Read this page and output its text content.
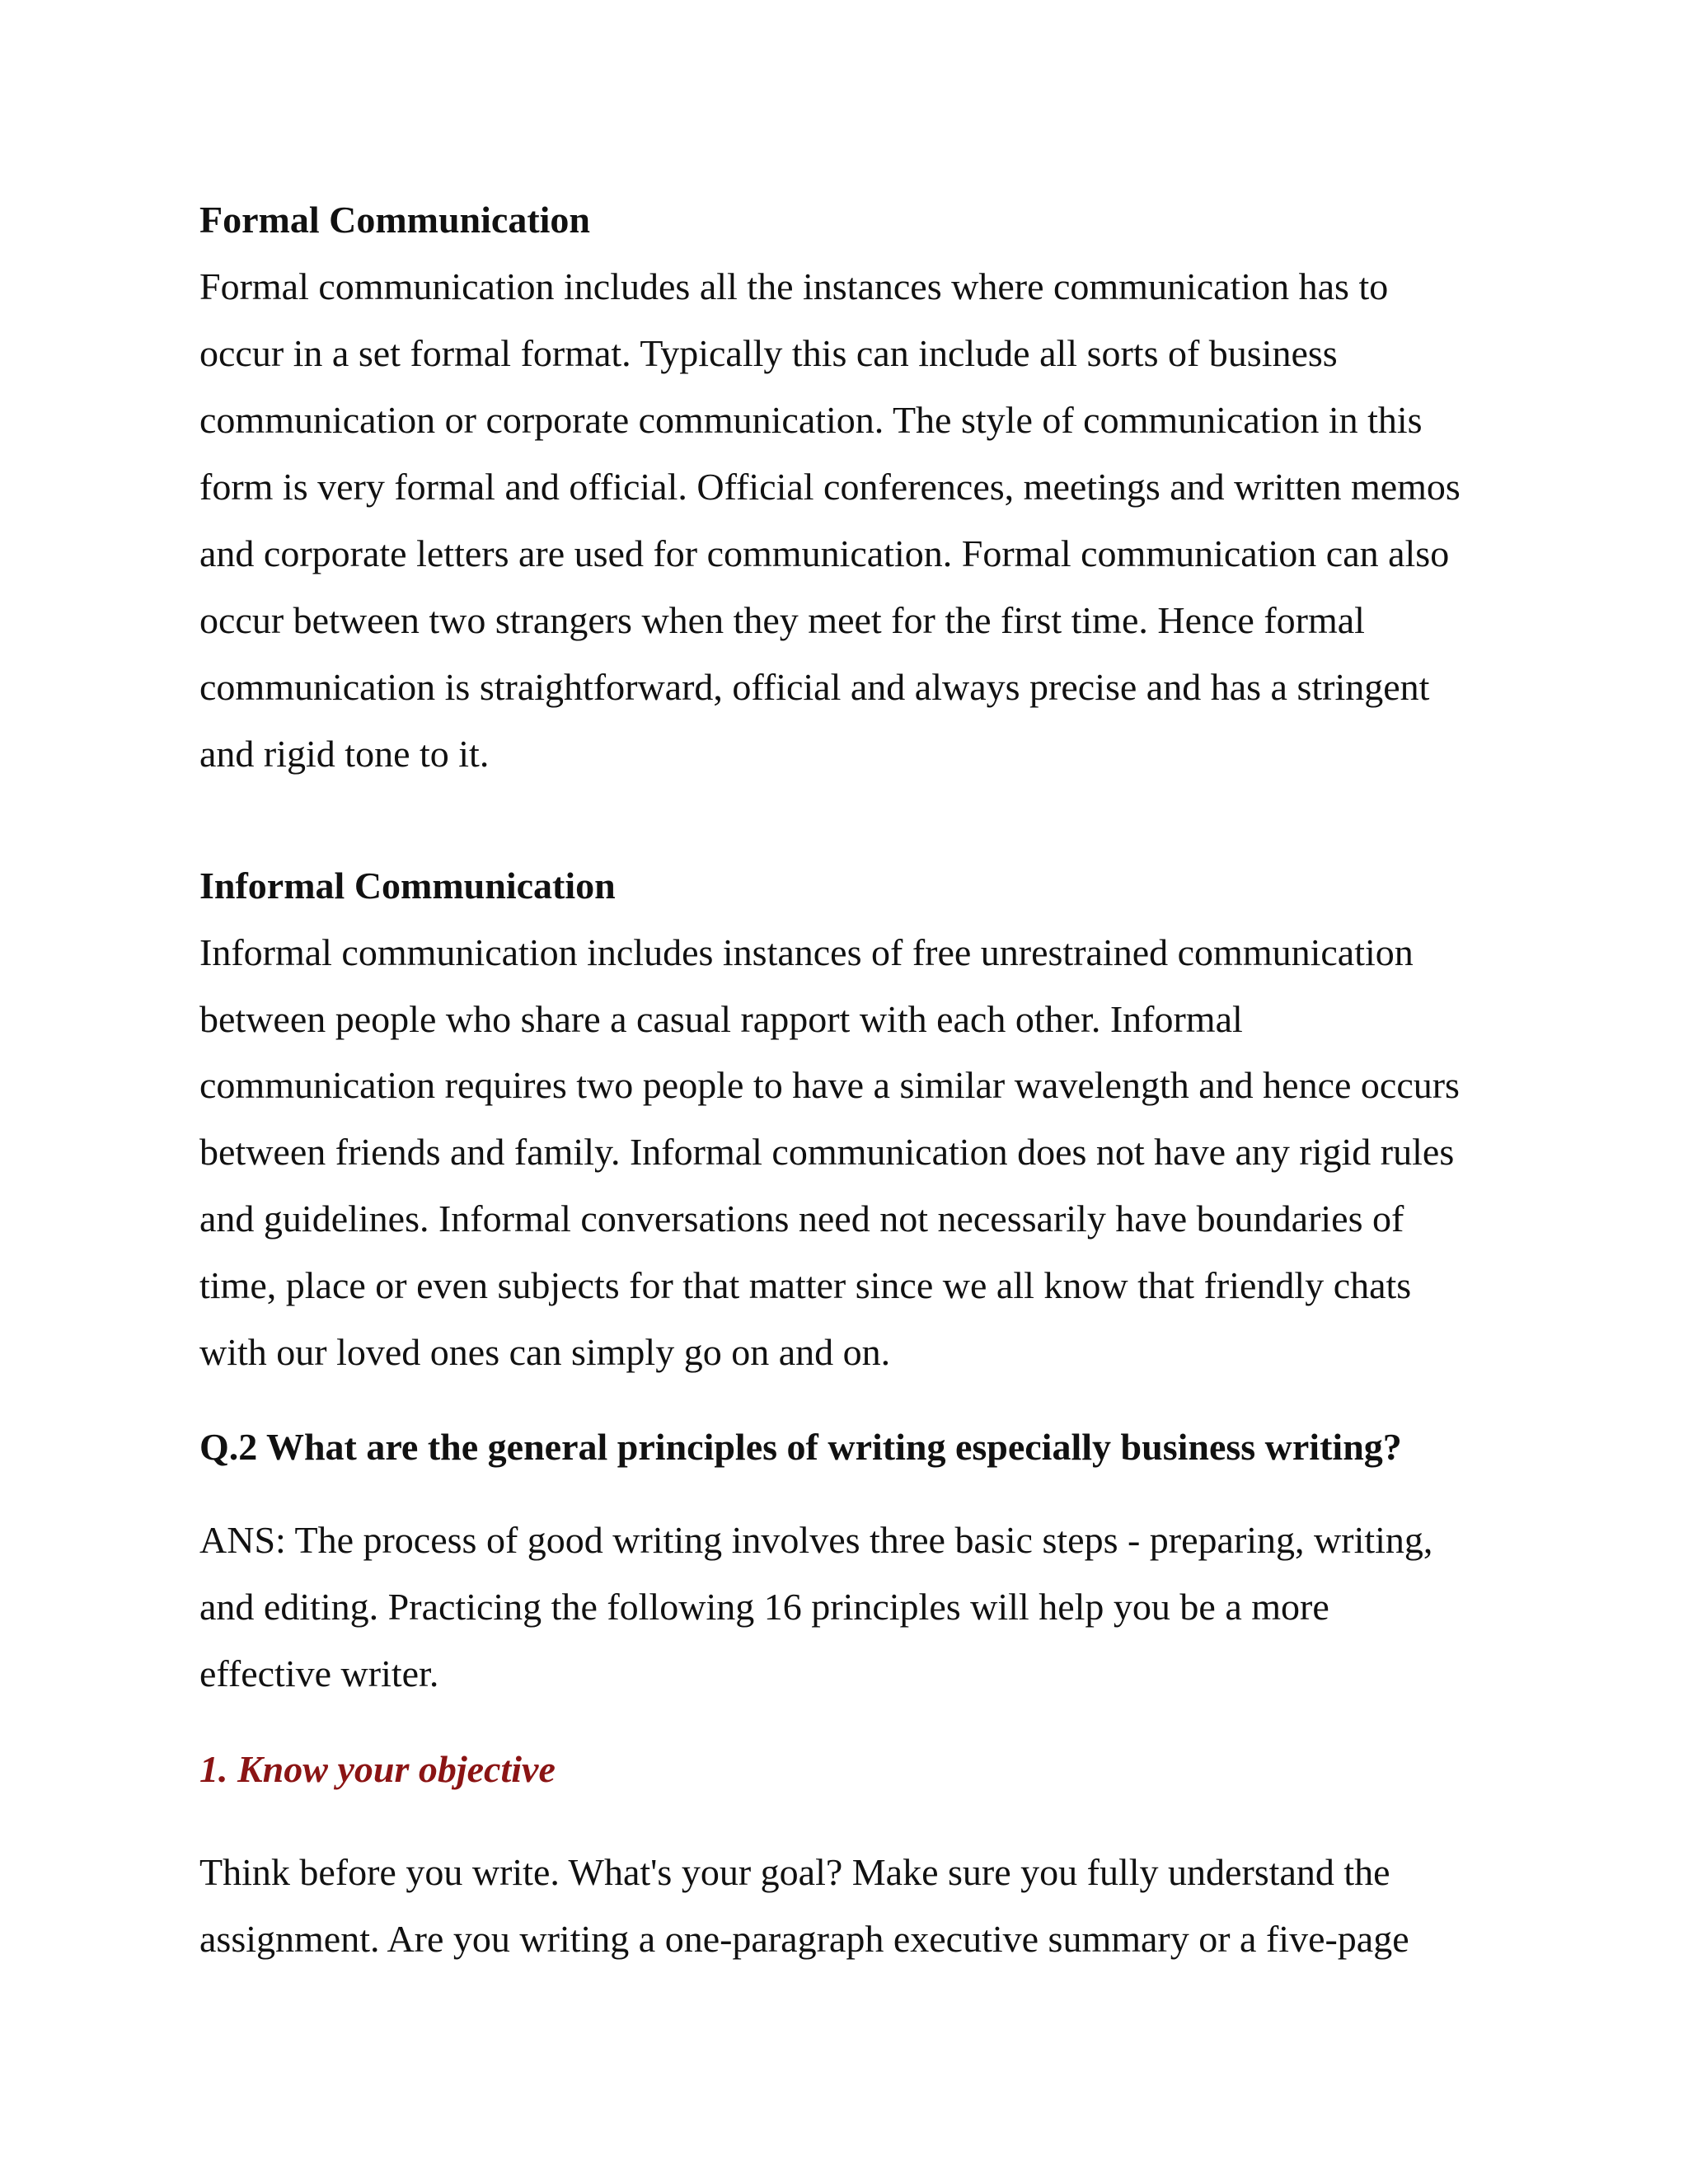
Formal Communication
Formal communication includes all the instances where communication has to
occur in a set formal format. Typically this can include all sorts of business
communication or corporate communication. The style of communication in this
form is very formal and official. Official conferences, meetings and written memos
and corporate letters are used for communication. Formal communication can also
occur between two strangers when they meet for the first time. Hence formal
communication is straightforward, official and always precise and has a stringent
and rigid tone to it.
Informal Communication
Informal communication includes instances of free unrestrained communication
between people who share a casual rapport with each other. Informal
communication requires two people to have a similar wavelength and hence occurs
between friends and family. Informal communication does not have any rigid rules
and guidelines. Informal conversations need not necessarily have boundaries of
time, place or even subjects for that matter since we all know that friendly chats
with our loved ones can simply go on and on.
Q.2 What are the general principles of writing especially business writing?
ANS: The process of good writing involves three basic steps - preparing, writing,
and editing. Practicing the following 16 principles will help you be a more
effective writer.
1. Know your objective
Think before you write. What's your goal? Make sure you fully understand the
assignment. Are you writing a one-paragraph executive summary or a five-page
